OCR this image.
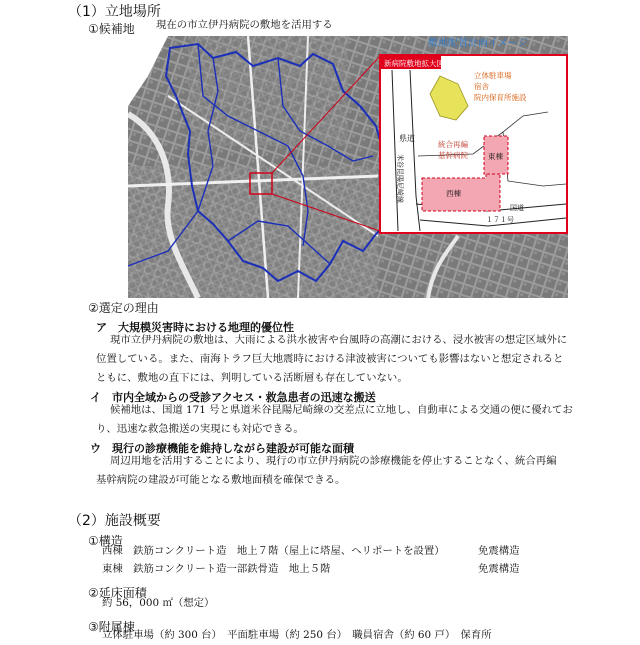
（1）立地場所
①候補地 現在の市立伊丹病院の敷地を活用する
敷地配置計画イメージ
新病院敷地拡大図
立体駐車場
宿舎
院内保育所施設
統合再編
基幹病院	東棟
西棟
県道
米谷昆陽尼崎線
国道
１７１号
②選定の理由
ア　大規模災害時における地理的優位性
現市立伊丹病院の敷地は、大雨による洪水被害や台風時の高潮における、浸水被害の想定区域外に
位置している。また、南海トラフ巨大地震時における津波被害についても影響はないと想定されると
ともに、敷地の直下には、判明している活断層も存在していない。
イ　市内全域からの受診アクセス・救急患者の迅速な搬送
候補地は、国道 171 号と県道米谷昆陽尼崎線の交差点に立地し、自動車による交通の便に優れてお
り、迅速な救急搬送の実現にも対応できる。
ウ　現行の診療機能を維持しながら建設が可能な面積
周辺用地を活用することにより、現行の市立伊丹病院の診療機能を停止することなく、統合再編
基幹病院の建設が可能となる敷地面積を確保できる。
（2）施設概要
①構造
西棟　鉄筋コンクリート造　地上７階（屋上に塔屋、ヘリポートを設置）	免震構造
東棟　鉄筋コンクリート造一部鉄骨造　地上５階	免震構造
②延床面積
約 56，000 ㎡（想定）
③附属棟
立体駐車場（約 300 台）　平面駐車場（約 250 台）　職員宿舎（約 60 戸）　保育所
